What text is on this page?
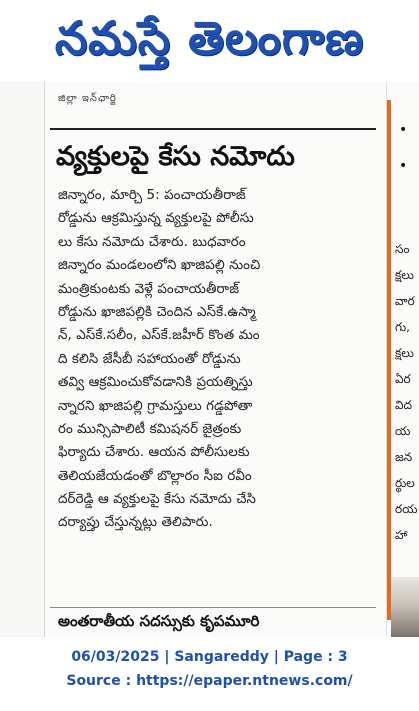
నమస్తే తెలంగాణ
జిల్లా ఇన్‌ఛార్జి
వ్యక్తులపై కేసు నమోదు
జిన్నారం, మార్చి 5: పంచాయతీరాజ్
రోడ్డును ఆక్రమిస్తున్న వ్యక్తులపై పోలీసు
లు కేసు నమోదు చేశారు. బుధవారం
జిన్నారం మండలంలోని ఖాజిపల్లి నుంచి
మంత్రికుంటకు వెళ్లే పంచాయతీరాజ్
రోడ్డును ఖాజిపల్లికి చెందిన ఎస్‌కే.ఉస్మా
న్, ఎస్‌కే.సలీం, ఎస్‌కే.జహీర్ కొంత మం
ది కలిసి జేసీబీ సహాయంతో రోడ్డును
తవ్వి ఆక్రమించుకోవడానికి ప్రయత్నిస్తు
న్నారని ఖాజిపల్లి గ్రామస్తులు గడ్డపోతా
రం మున్సిపాలిటీ కమిషనర్ జైత్రంకు
ఫిర్యాదు చేశారు. ఆయన పోలీసులకు
తెలియజేయడంతో బొల్లారం సీఐ రవీం
దర్‌రెడ్డి ఆ వ్యక్తులపై కేసు నమోదు చేసి
దర్యాప్తు చేస్తున్నట్లు తెలిపారు.
అంతరాతీయ సదస్సుకు కృపమూరి
•
•
సం
క్షలు
వార
గు,
క్షలు
ఏర
విద
య
జన
ర్థుల
రయ
హా
06/03/2025 | Sangareddy | Page : 3
Source : https://epaper.ntnews.com/
